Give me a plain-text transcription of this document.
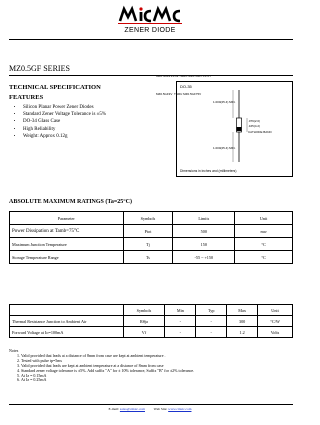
ZENER DIODE
MZ0.5GF SERIES

MZ0.5GF2V4-39 THRU MZ0.5GF75V-4.7

MZ0.5GF3V  THRU MZ0.5GF75V

TECHNICAL SPECIFICATION
FEATURES
• Silicon Planar Power Zener Diodes
• Standard Zener Voltage Tolerance is ±5%
• DO-34 Glass Case
• High Reliability
• Weight: Approx 0.12g
DO-35
1.000(25.4) MIN.
.079(2.0)
.165(4.2)
CATHODE BAND
1.000(25.4) MIN.
Dimensions in inches and (millimeters)
ABSOLUTE MAXIMUM RATINGS (Ta=25°C)
Parameter	Symbols	Limits	Unit
Power Dissipation at Tamb=75°C	Ptot	500	mw
Maximum Junction Temperature	Tj	150	°C
Storage Temperature Range	Ts	-55 ~ +150	°C
	Symbols	Min	Typ	Max	Unit
Thermal Resistance Junction to Ambient Air	Rθja	-	-	300	°C/W
Forward Voltage at Io=100mA	Vf	-	-	1.2	Volts
Notes
1. Valid provided that leads at a distance of 8mm from case are kept at ambient temperature .
2. Tested with pulse tp=5ms
3. Valid provided that leads are kept at ambient temperature at a distance of 8mm from case
4. Standard zener voltage tolerance is ±5%. Add suffix "A" for ± 10% tolerance, Suffix "B" for ±2% tolerance.
5. At Iz = 0.15mA
6. At Iz = 0.25mA
E-mail: sales@cmsic.com Web Site: www.cmsic.com
